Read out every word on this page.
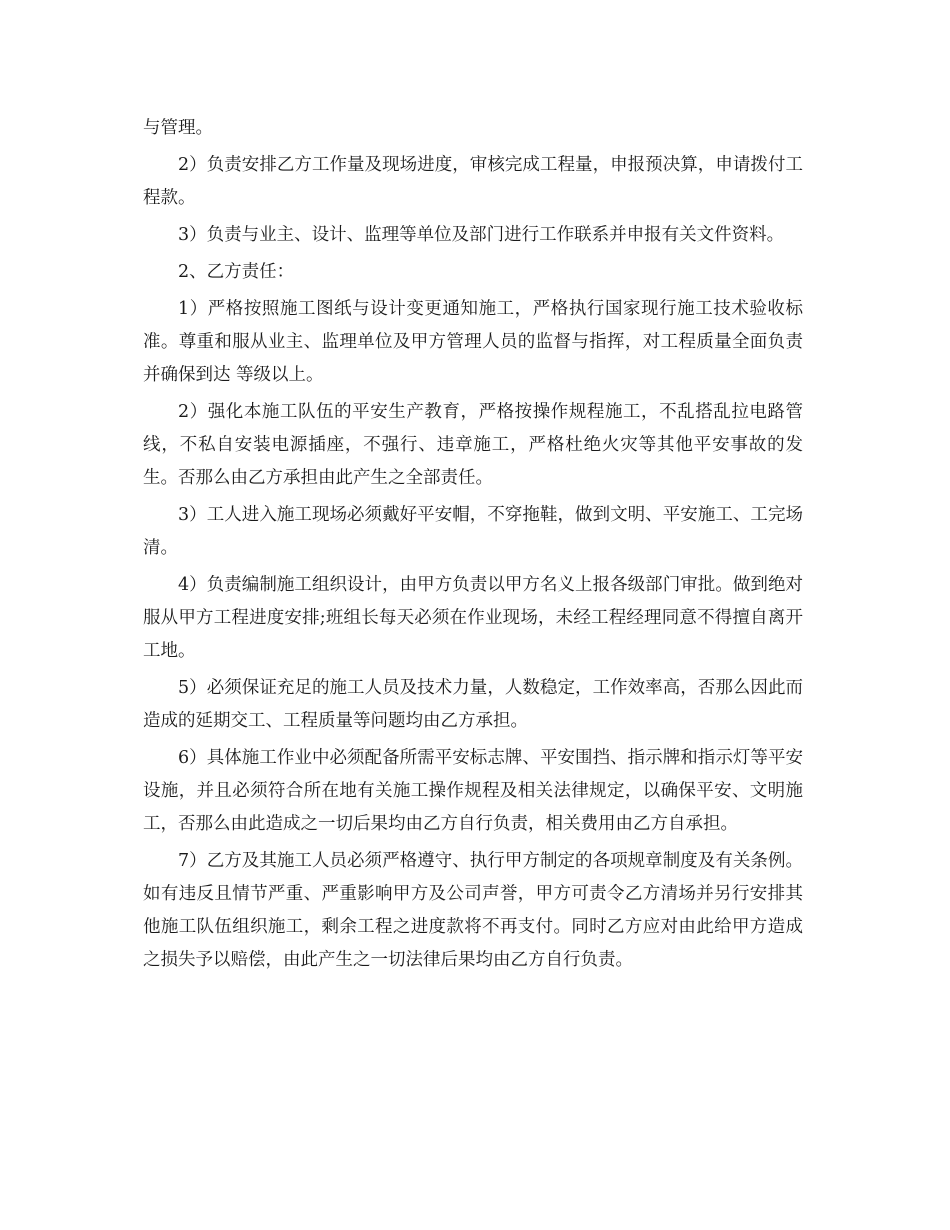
与管理。

2）负责安排乙方工作量及现场进度，审核完成工程量，申报预决算，申请拨付工程款。

3）负责与业主、设计、监理等单位及部门进行工作联系并申报有关文件资料。

2、乙方责任：

1）严格按照施工图纸与设计变更通知施工，严格执行国家现行施工技术验收标准。尊重和服从业主、监理单位及甲方管理人员的监督与指挥，对工程质量全面负责并确保到达 等级以上。

2）强化本施工队伍的平安生产教育，严格按操作规程施工，不乱搭乱拉电路管线，不私自安装电源插座，不强行、违章施工，严格杜绝火灾等其他平安事故的发生。否那么由乙方承担由此产生之全部责任。

3）工人进入施工现场必须戴好平安帽，不穿拖鞋，做到文明、平安施工、工完场清。

4）负责编制施工组织设计，由甲方负责以甲方名义上报各级部门审批。做到绝对服从甲方工程进度安排;班组长每天必须在作业现场，未经工程经理同意不得擅自离开工地。

5）必须保证充足的施工人员及技术力量，人数稳定，工作效率高，否那么因此而造成的延期交工、工程质量等问题均由乙方承担。

6）具体施工作业中必须配备所需平安标志牌、平安围挡、指示牌和指示灯等平安设施，并且必须符合所在地有关施工操作规程及相关法律规定，以确保平安、文明施工，否那么由此造成之一切后果均由乙方自行负责，相关费用由乙方自承担。

7）乙方及其施工人员必须严格遵守、执行甲方制定的各项规章制度及有关条例。如有违反且情节严重、严重影响甲方及公司声誉，甲方可责令乙方清场并另行安排其他施工队伍组织施工，剩余工程之进度款将不再支付。同时乙方应对由此给甲方造成之损失予以赔偿，由此产生之一切法律后果均由乙方自行负责。
